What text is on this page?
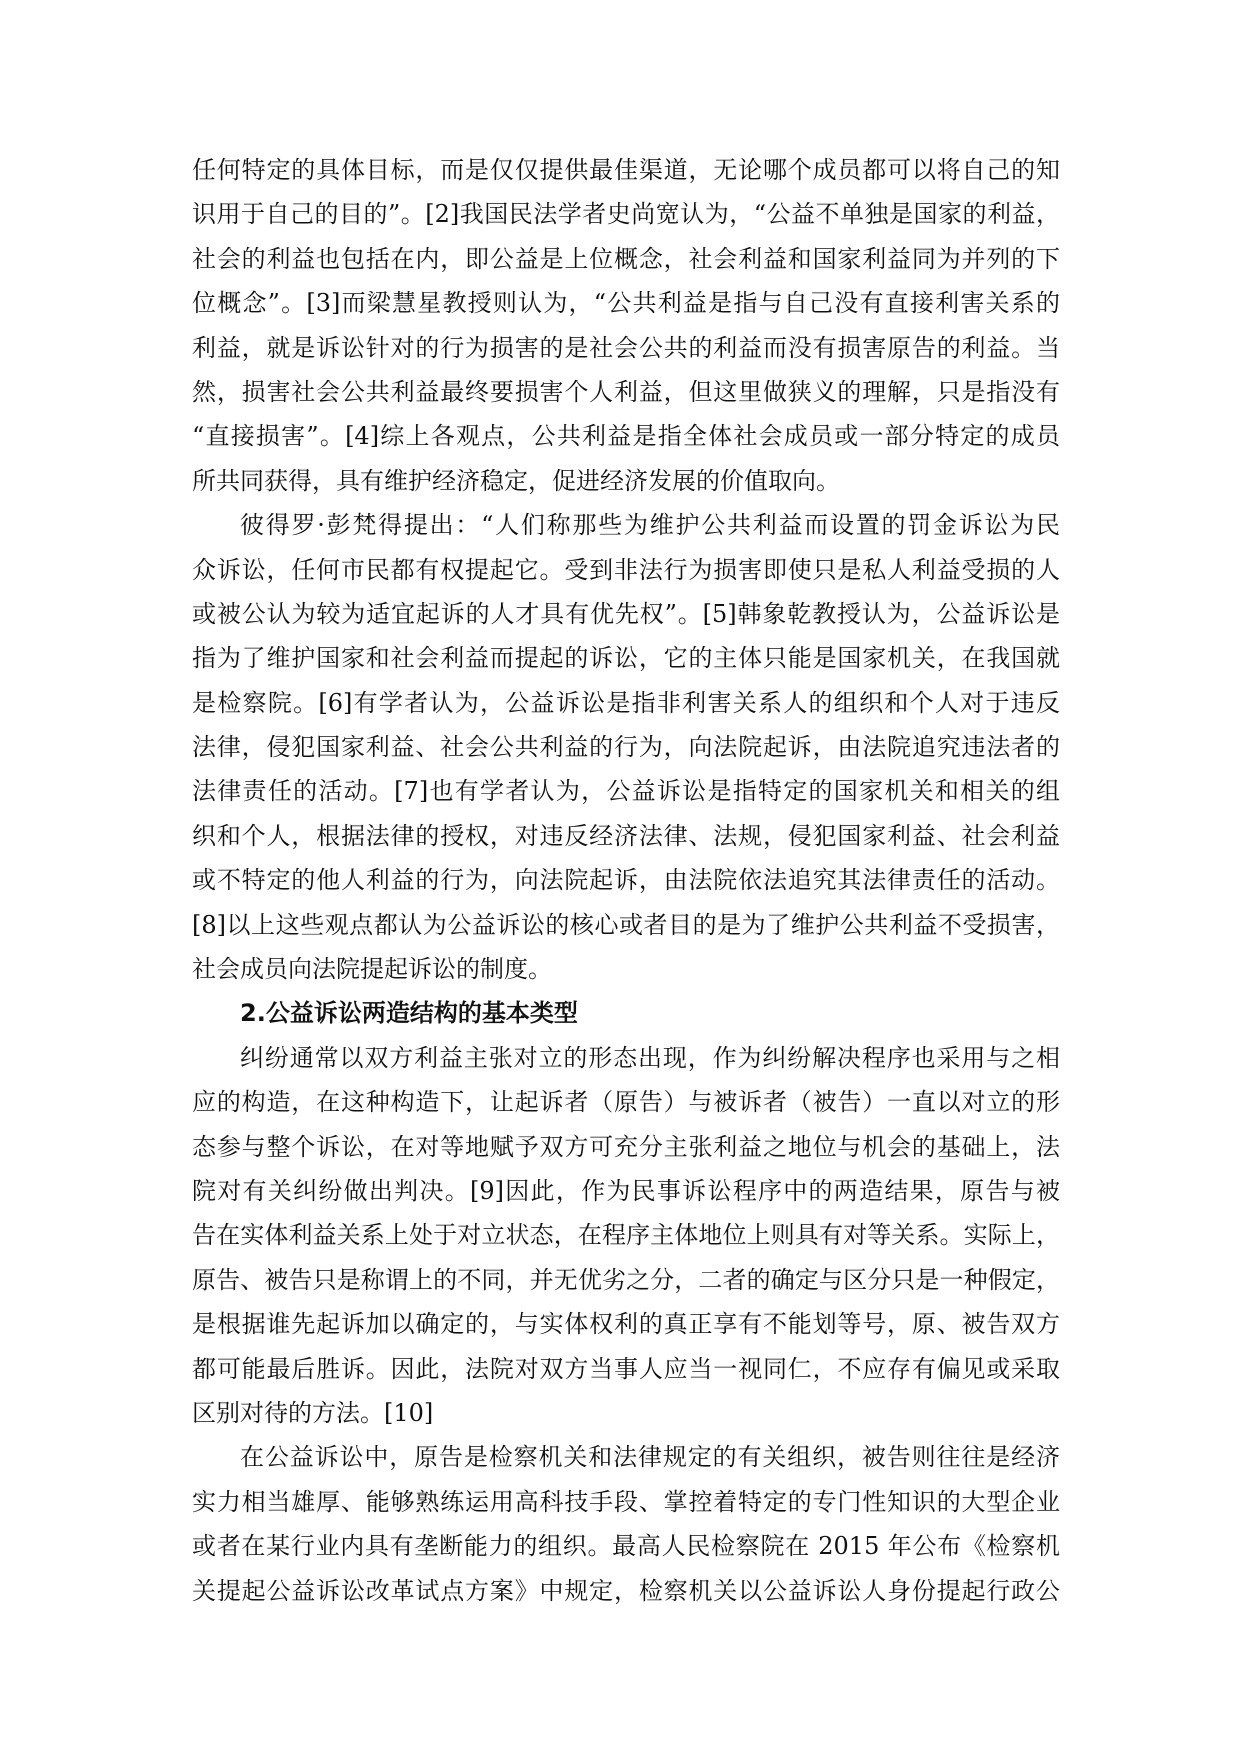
任何特定的具体目标，而是仅仅提供最佳渠道，无论哪个成员都可以将自己的知
识用于自己的目的”。[2]我国民法学者史尚宽认为，“公益不单独是国家的利益，
社会的利益也包括在内，即公益是上位概念，社会利益和国家利益同为并列的下
位概念”。[3]而梁慧星教授则认为，“公共利益是指与自己没有直接利害关系的
利益，就是诉讼针对的行为损害的是社会公共的利益而没有损害原告的利益。当
然，损害社会公共利益最终要损害个人利益，但这里做狭义的理解，只是指没有
“直接损害”。[4]综上各观点，公共利益是指全体社会成员或一部分特定的成员
所共同获得，具有维护经济稳定，促进经济发展的价值取向。
彼得罗·彭梵得提出：“人们称那些为维护公共利益而设置的罚金诉讼为民
众诉讼，任何市民都有权提起它。受到非法行为损害即使只是私人利益受损的人
或被公认为较为适宜起诉的人才具有优先权”。[5]韩象乾教授认为，公益诉讼是
指为了维护国家和社会利益而提起的诉讼，它的主体只能是国家机关，在我国就
是检察院。[6]有学者认为，公益诉讼是指非利害关系人的组织和个人对于违反
法律，侵犯国家利益、社会公共利益的行为，向法院起诉，由法院追究违法者的
法律责任的活动。[7]也有学者认为，公益诉讼是指特定的国家机关和相关的组
织和个人，根据法律的授权，对违反经济法律、法规，侵犯国家利益、社会利益
或不特定的他人利益的行为，向法院起诉，由法院依法追究其法律责任的活动。
[8]以上这些观点都认为公益诉讼的核心或者目的是为了维护公共利益不受损害，
社会成员向法院提起诉讼的制度。
2.公益诉讼两造结构的基本类型
纠纷通常以双方利益主张对立的形态出现，作为纠纷解决程序也采用与之相
应的构造，在这种构造下，让起诉者（原告）与被诉者（被告）一直以对立的形
态参与整个诉讼，在对等地赋予双方可充分主张利益之地位与机会的基础上，法
院对有关纠纷做出判决。[9]因此，作为民事诉讼程序中的两造结果，原告与被
告在实体利益关系上处于对立状态，在程序主体地位上则具有对等关系。实际上，
原告、被告只是称谓上的不同，并无优劣之分，二者的确定与区分只是一种假定，
是根据谁先起诉加以确定的，与实体权利的真正享有不能划等号，原、被告双方
都可能最后胜诉。因此，法院对双方当事人应当一视同仁，不应存有偏见或采取
区别对待的方法。[10]
在公益诉讼中，原告是检察机关和法律规定的有关组织，被告则往往是经济
实力相当雄厚、能够熟练运用高科技手段、掌控着特定的专门性知识的大型企业
或者在某行业内具有垄断能力的组织。最高人民检察院在 2015 年公布《检察机
关提起公益诉讼改革试点方案》中规定，检察机关以公益诉讼人身份提起行政公
